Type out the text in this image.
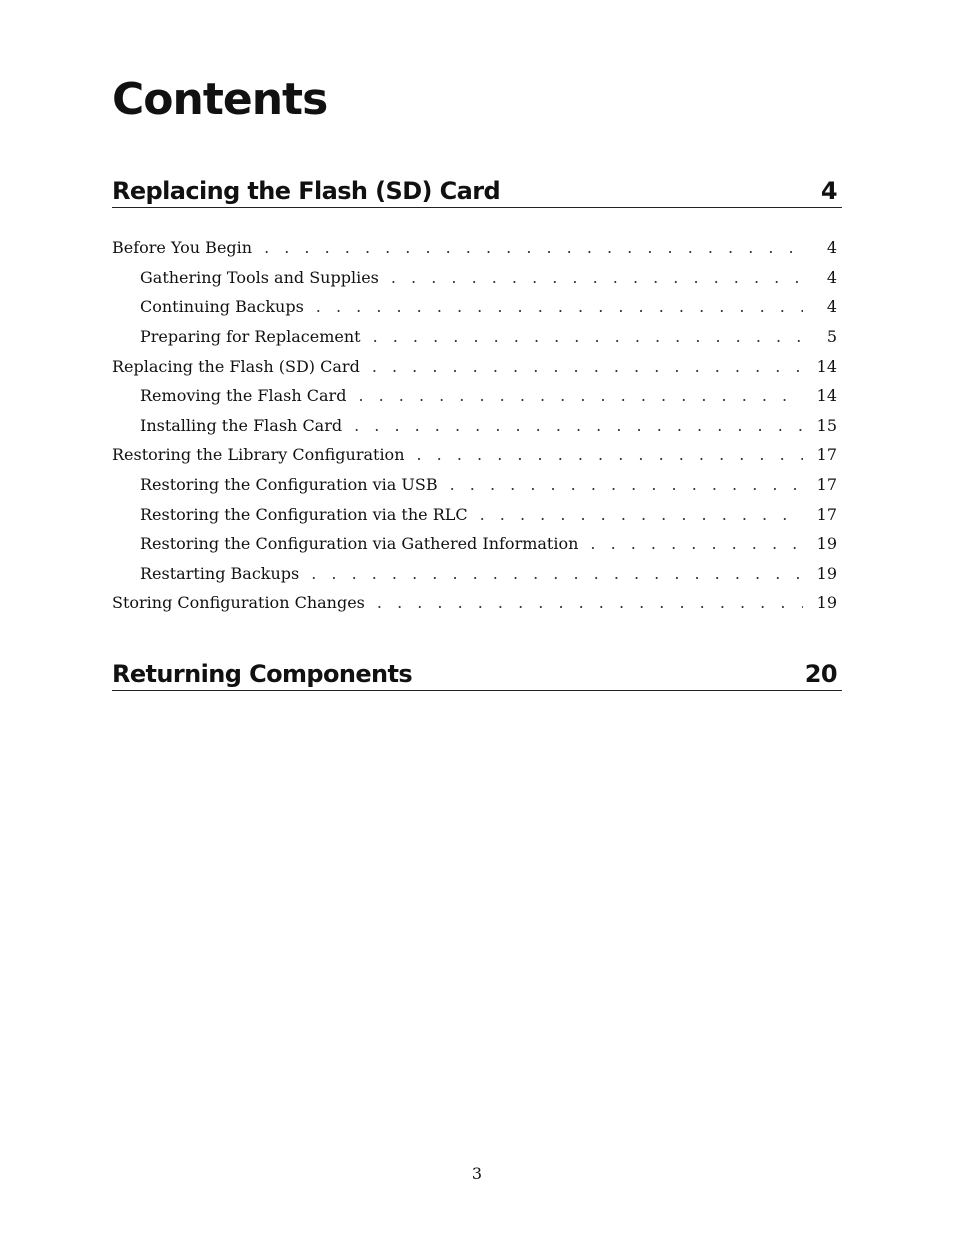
Contents
Replacing the Flash (SD) Card	4
Before You Begin . . .	4
Gathering Tools and Supplies . . .	4
Continuing Backups . . .	4
Preparing for Replacement . . .	5
Replacing the Flash (SD) Card . . .	14
Removing the Flash Card . . .	14
Installing the Flash Card . . .	15
Restoring the Library Configuration . . .	17
Restoring the Configuration via USB . . .	17
Restoring the Configuration via the RLC . . .	17
Restoring the Configuration via Gathered Information . . .	19
Restarting Backups . . .	19
Storing Configuration Changes . . .	19
Returning Components	20
3
